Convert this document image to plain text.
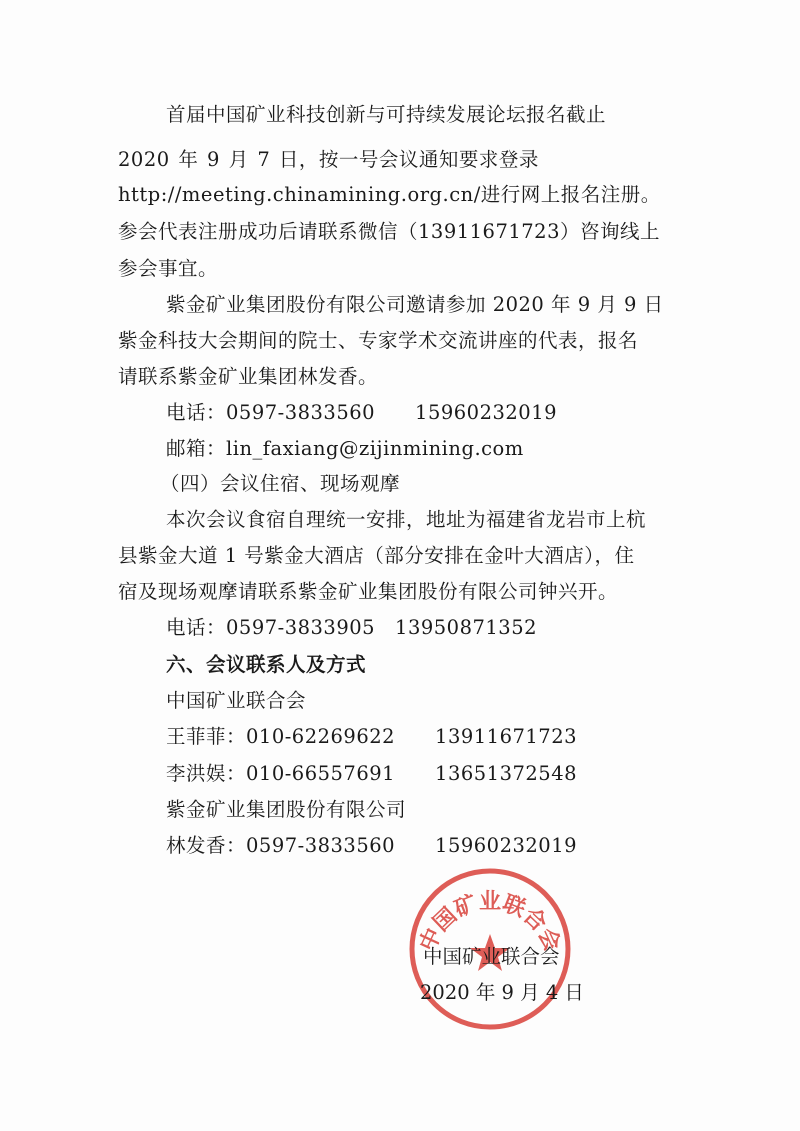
首届中国矿业科技创新与可持续发展论坛报名截止
2020 年 9 月 7 日，按一号会议通知要求登录
http://meeting.chinamining.org.cn/进行网上报名注册。
参会代表注册成功后请联系微信（13911671723）咨询线上
参会事宜。
紫金矿业集团股份有限公司邀请参加 2020 年 9 月 9 日
紫金科技大会期间的院士、专家学术交流讲座的代表，报名
请联系紫金矿业集团林发香。
电话：0597-3833560　　15960232019
邮箱：lin_faxiang@zijinmining.com
（四）会议住宿、现场观摩
本次会议食宿自理统一安排，地址为福建省龙岩市上杭
县紫金大道 1 号紫金大酒店（部分安排在金叶大酒店），住
宿及现场观摩请联系紫金矿业集团股份有限公司钟兴开。
电话：0597-3833905　13950871352
六、会议联系人及方式
中国矿业联合会
王菲菲：010-62269622　　13911671723
李洪娱：010-66557691　　13651372548
紫金矿业集团股份有限公司
林发香：0597-3833560　　15960232019
中国矿业联合会
中国矿业联合会
2020 年 9 月 4 日
